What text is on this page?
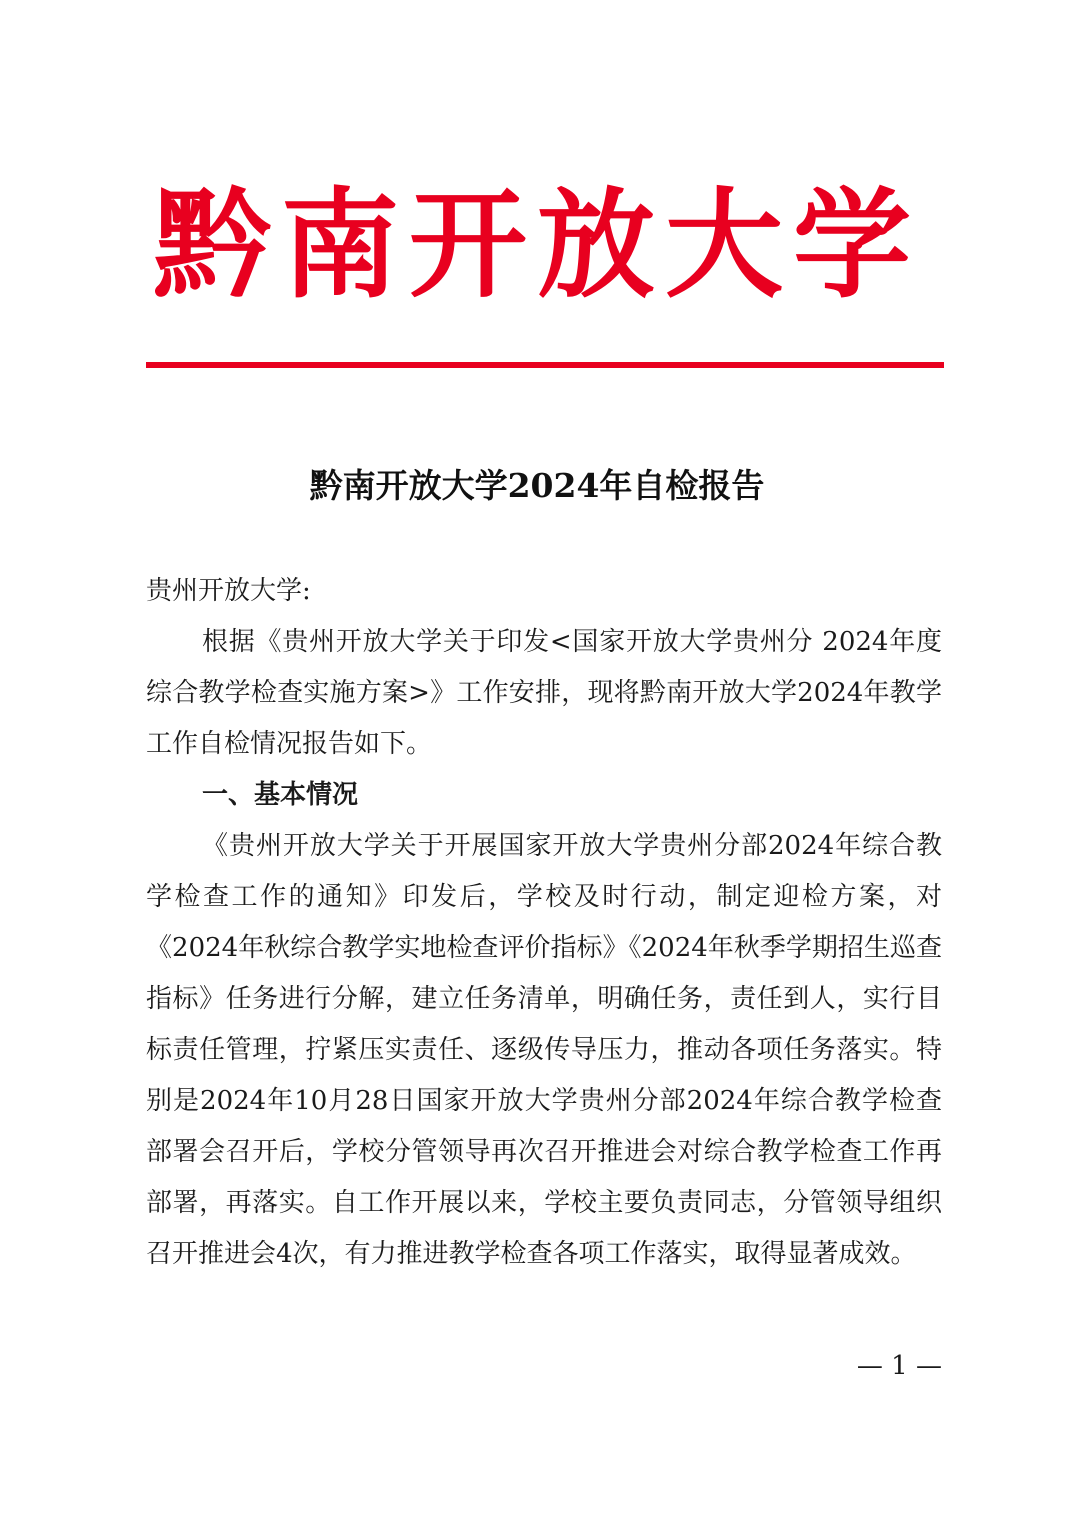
黔南开放大学
黔南开放大学2024年自检报告

贵州开放大学:

根据《贵州开放大学关于印发<国家开放大学贵州分 2024年度综合教学检查实施方案>》工作安排，现将黔南开放大学2024年教学工作自检情况报告如下。

一、基本情况

《贵州开放大学关于开展国家开放大学贵州分部2024年综合教学检查工作的通知》印发后，学校及时行动，制定迎检方案，对《2024年秋综合教学实地检查评价指标》《2024年秋季学期招生巡查指标》任务进行分解，建立任务清单，明确任务，责任到人，实行目标责任管理，拧紧压实责任、逐级传导压力，推动各项任务落实。特别是2024年10月28日国家开放大学贵州分部2024年综合教学检查部署会召开后，学校分管领导再次召开推进会对综合教学检查工作再部署，再落实。自工作开展以来，学校主要负责同志，分管领导组织召开推进会4次，有力推进教学检查各项工作落实，取得显著成效。

— 1 —
